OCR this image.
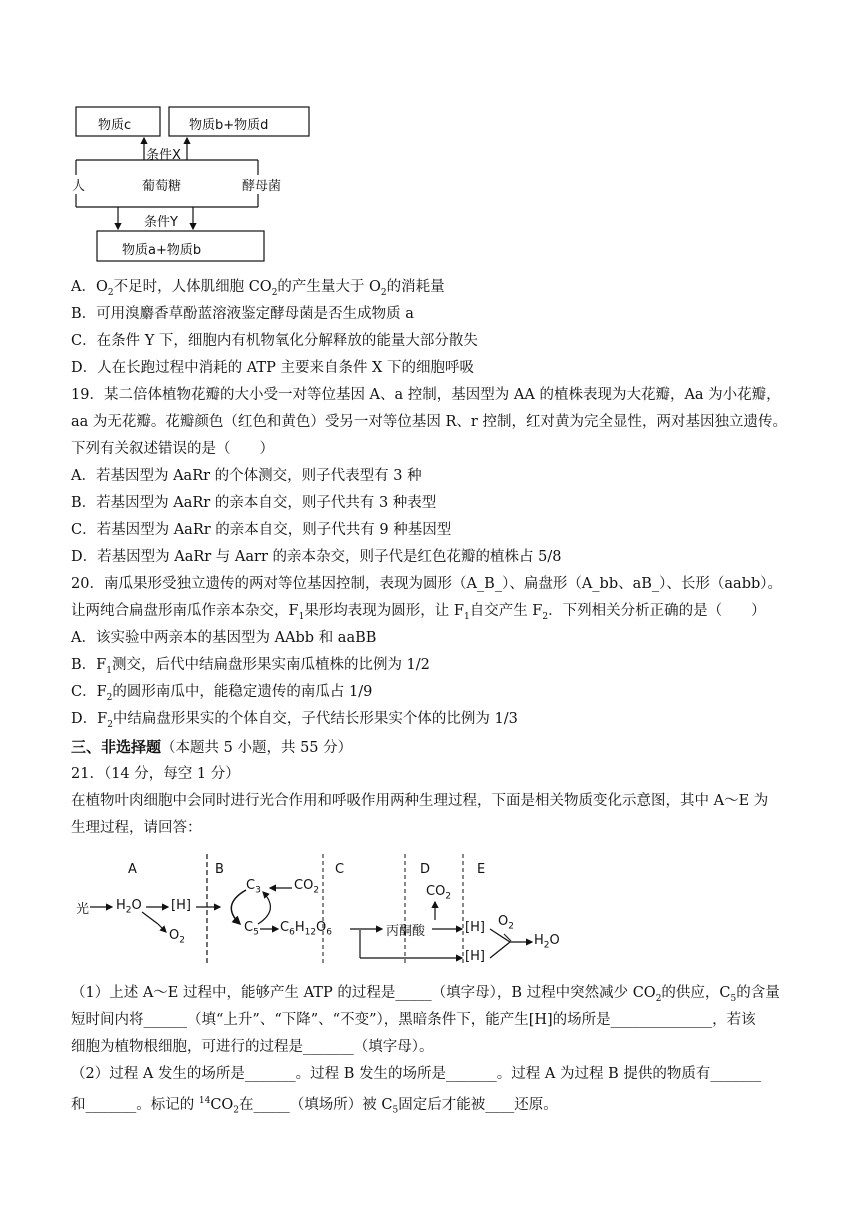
物质c	物质b+物质d
条件X
人	葡萄糖	酵母菌
条件Y
物质a+物质b
A．$O_2$不足时，人体肌细胞 $CO_2$的产生量大于 $O_2$的消耗量
B．可用溴麝香草酚蓝溶液鉴定酵母菌是否生成物质 a
C．在条件 Y 下，细胞内有机物氧化分解释放的能量大部分散失
D．人在长跑过程中消耗的 ATP 主要来自条件 X 下的细胞呼吸
19．某二倍体植物花瓣的大小受一对等位基因 A、a 控制，基因型为 AA 的植株表现为大花瓣，Aa 为小花瓣，
aa 为无花瓣。花瓣颜色（红色和黄色）受另一对等位基因 R、r 控制，红对黄为完全显性，两对基因独立遗传。
下列有关叙述错误的是（　　）
A．若基因型为 AaRr 的个体测交，则子代表型有 3 种
B．若基因型为 AaRr 的亲本自交，则子代共有 3 种表型
C．若基因型为 AaRr 的亲本自交，则子代共有 9 种基因型
D．若基因型为 AaRr 与 Aarr 的亲本杂交，则子代是红色花瓣的植株占 5/8
20．南瓜果形受独立遗传的两对等位基因控制，表现为圆形（A_B_）、扁盘形（A_bb、aB_）、长形（aabb）。
让两纯合扁盘形南瓜作亲本杂交，$F_1$果形均表现为圆形，让 $F_1$自交产生 $F_2$．下列相关分析正确的是（　　）
A．该实验中两亲本的基因型为 AAbb 和 aaBB
B．$F_1$测交，后代中结扁盘形果实南瓜植株的比例为 1/2
C．$F_2$的圆形南瓜中，能稳定遗传的南瓜占 1/9
D．$F_2$中结扁盘形果实的个体自交，子代结长形果实个体的比例为 1/3
三、非选择题（本题共 5 小题，共 55 分）
21．（14 分，每空 1 分）
在植物叶肉细胞中会同时进行光合作用和呼吸作用两种生理过程，下面是相关物质变化示意图，其中 A～E 为
生理过程，请回答：
A	B	C	D	E
光 $H_2O$ [H]
$O_2$
$C_3$	$CO_2$
$C_5$ $C_6H_{12}O_6$	丙酮酸
$CO_2$
[H]
[H]
$O_2$
$H_2O$
（1）上述 A～E 过程中，能够产生 ATP 的过程是_____（填字母），B 过程中突然减少 $CO_2$的供应，$C_5$的含量
短时间内将______（填“上升”、“下降”、“不变”），黑暗条件下，能产生[H]的场所是______________，若该
细胞为植物根细胞，可进行的过程是_______（填字母）。
（2）过程 A 发生的场所是_______。过程 B 发生的场所是_______。过程 A 为过程 B 提供的物质有_______
和_______。标记的 $^{14}CO_2$在_____（填场所）被 $C_5$固定后才能被____还原。
